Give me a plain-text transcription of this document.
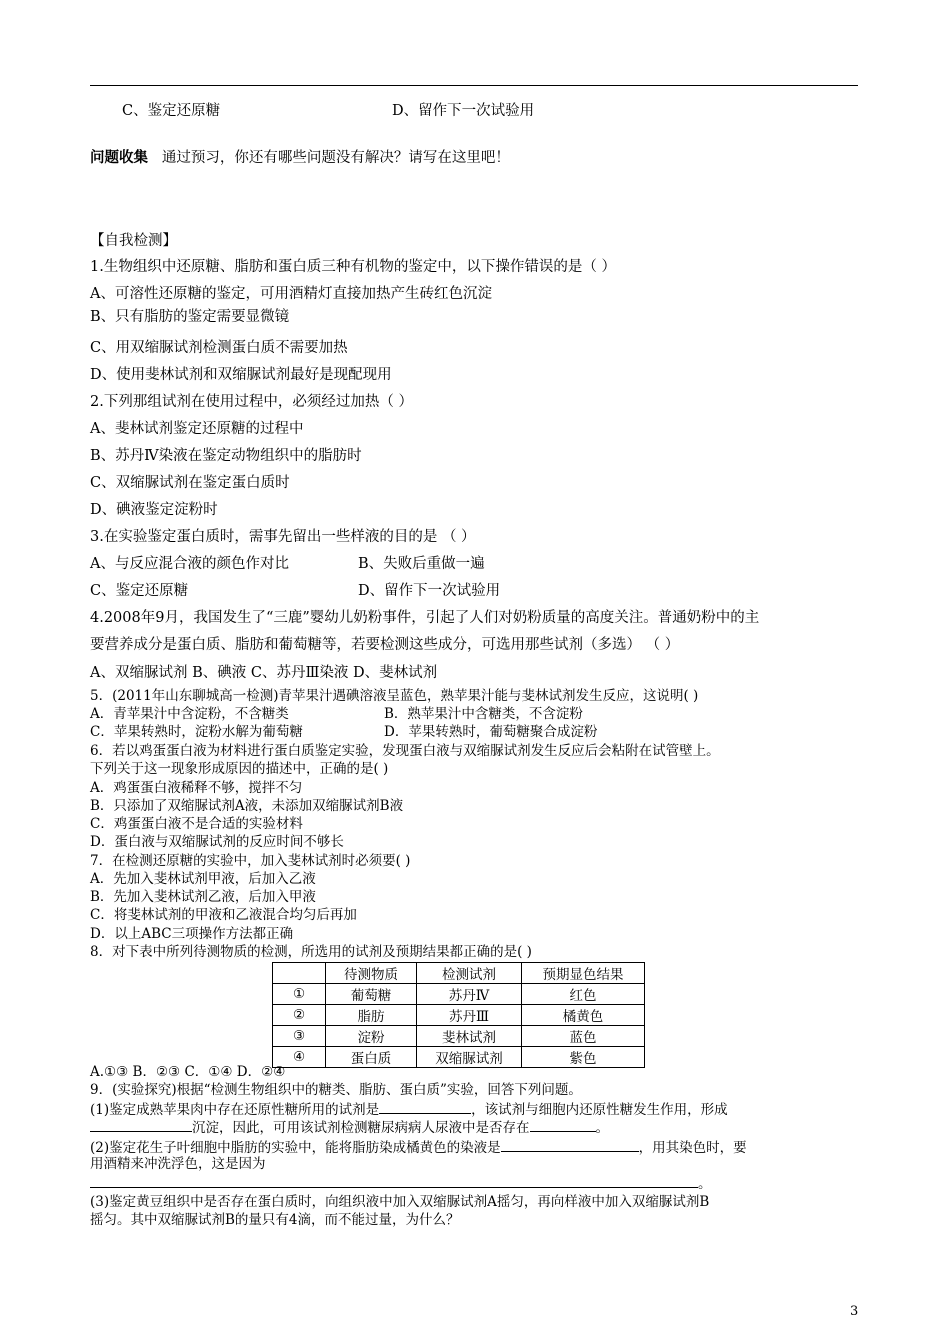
C、鉴定还原糖	D、留作下一次试验用
问题收集 通过预习，你还有哪些问题没有解决？请写在这里吧！
【自我检测】
1.生物组织中还原糖、脂肪和蛋白质三种有机物的鉴定中，以下操作错误的是（ ）
A、可溶性还原糖的鉴定，可用酒精灯直接加热产生砖红色沉淀
B、只有脂肪的鉴定需要显微镜
C、用双缩脲试剂检测蛋白质不需要加热
D、使用斐林试剂和双缩脲试剂最好是现配现用
2.下列那组试剂在使用过程中，必须经过加热（ ）
A、斐林试剂鉴定还原糖的过程中
B、苏丹Ⅳ染液在鉴定动物组织中的脂肪时
C、双缩脲试剂在鉴定蛋白质时
D、碘液鉴定淀粉时
3.在实验鉴定蛋白质时，需事先留出一些样液的目的是 （ ）
A、与反应混合液的颜色作对比	B、失败后重做一遍
C、鉴定还原糖	D、留作下一次试验用
4.2008年9月，我国发生了“三鹿”婴幼儿奶粉事件，引起了人们对奶粉质量的高度关注。普通奶粉中的主
要营养成分是蛋白质、脂肪和葡萄糖等，若要检测这些成分，可选用那些试剂（多选） （ ）
A、双缩脲试剂 B、碘液 C、苏丹Ⅲ染液 D、斐林试剂
5．(2011年山东聊城高一检测)青苹果汁遇碘溶液呈蓝色，熟苹果汁能与斐林试剂发生反应，这说明( )
A．青苹果汁中含淀粉，不含糖类	B．熟苹果汁中含糖类，不含淀粉
C．苹果转熟时，淀粉水解为葡萄糖	D．苹果转熟时，葡萄糖聚合成淀粉
6．若以鸡蛋蛋白液为材料进行蛋白质鉴定实验，发现蛋白液与双缩脲试剂发生反应后会粘附在试管壁上。
下列关于这一现象形成原因的描述中，正确的是( )
A．鸡蛋蛋白液稀释不够，搅拌不匀
B．只添加了双缩脲试剂A液，未添加双缩脲试剂B液
C．鸡蛋蛋白液不是合适的实验材料
D．蛋白液与双缩脲试剂的反应时间不够长
7．在检测还原糖的实验中，加入斐林试剂时必须要( )
A．先加入斐林试剂甲液，后加入乙液
B．先加入斐林试剂乙液，后加入甲液
C．将斐林试剂的甲液和乙液混合均匀后再加
D．以上ABC三项操作方法都正确
8．对下表中所列待测物质的检测，所选用的试剂及预期结果都正确的是( )
	待测物质	检测试剂	预期显色结果
①	葡萄糖	苏丹Ⅳ	红色
②	脂肪	苏丹Ⅲ	橘黄色
③	淀粉	斐林试剂	蓝色
④	蛋白质	双缩脲试剂	紫色
A.①③ B．②③ C．①④ D．②④
9．(实验探究)根据“检测生物组织中的糖类、脂肪、蛋白质”实验，回答下列问题。
(1)鉴定成熟苹果肉中存在还原性糖所用的试剂是	，该试剂与细胞内还原性糖发生作用，形成
沉淀，因此，可用该试剂检测糖尿病病人尿液中是否存在	。
(2)鉴定花生子叶细胞中脂肪的实验中，能将脂肪染成橘黄色的染液是	，用其染色时，要
用酒精来冲洗浮色，这是因为
。
(3)鉴定黄豆组织中是否存在蛋白质时，向组织液中加入双缩脲试剂A摇匀，再向样液中加入双缩脲试剂B
摇匀。其中双缩脲试剂B的量只有4滴，而不能过量，为什么？
3
